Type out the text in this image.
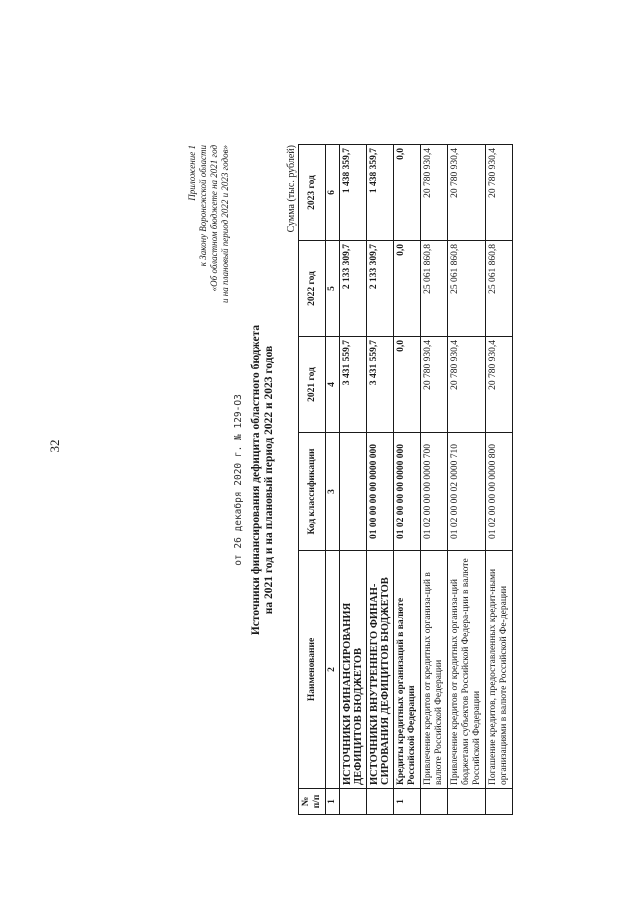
32
Приложение 1 к Закону Воронежской области «Об областном бюджете на 2021 год и на плановый период 2022 и 2023 годов»
от 26 декабря 2020 г. № 129-ОЗ Источники финансирования дефицита областного бюджета на 2021 год и на плановый период 2022 и 2023 годов
Сумма (тыс. рублей)
№ п/п	Наименование	Код классификации	2021 год	2022 год	2023 год
1	2	3	4	5	6
	ИСТОЧНИКИ ФИНАНСИРОВАНИЯ ДЕФИЦИТОВ БЮДЖЕТОВ		3 431 559,7	2 133 309,7	1 438 359,7
	ИСТОЧНИКИ ВНУТРЕННЕГО ФИНАН-СИРОВАНИЯ ДЕФИЦИТОВ БЮДЖЕТОВ	01 00 00 00 00 0000 000	3 431 559,7	2 133 309,7	1 438 359,7
1	Кредиты кредитных организаций в валюте Российской Федерации	01 02 00 00 00 0000 000	0,0	0,0	0,0
	Привлечение кредитов от кредитных организа-ций в валюте Российской Федерации	01 02 00 00 00 0000 700	20 780 930,4	25 061 860,8	20 780 930,4
	Привлечение кредитов от кредитных организа-ций бюджетами субъектов Российской Федера-ции в валюте Российской Федерации	01 02 00 00 02 0000 710	20 780 930,4	25 061 860,8	20 780 930,4
	Погашение кредитов, предоставленных кредит-ными организациями в валюте Российской Фе-дерации	01 02 00 00 00 0000 800	20 780 930,4	25 061 860,8	20 780 930,4
